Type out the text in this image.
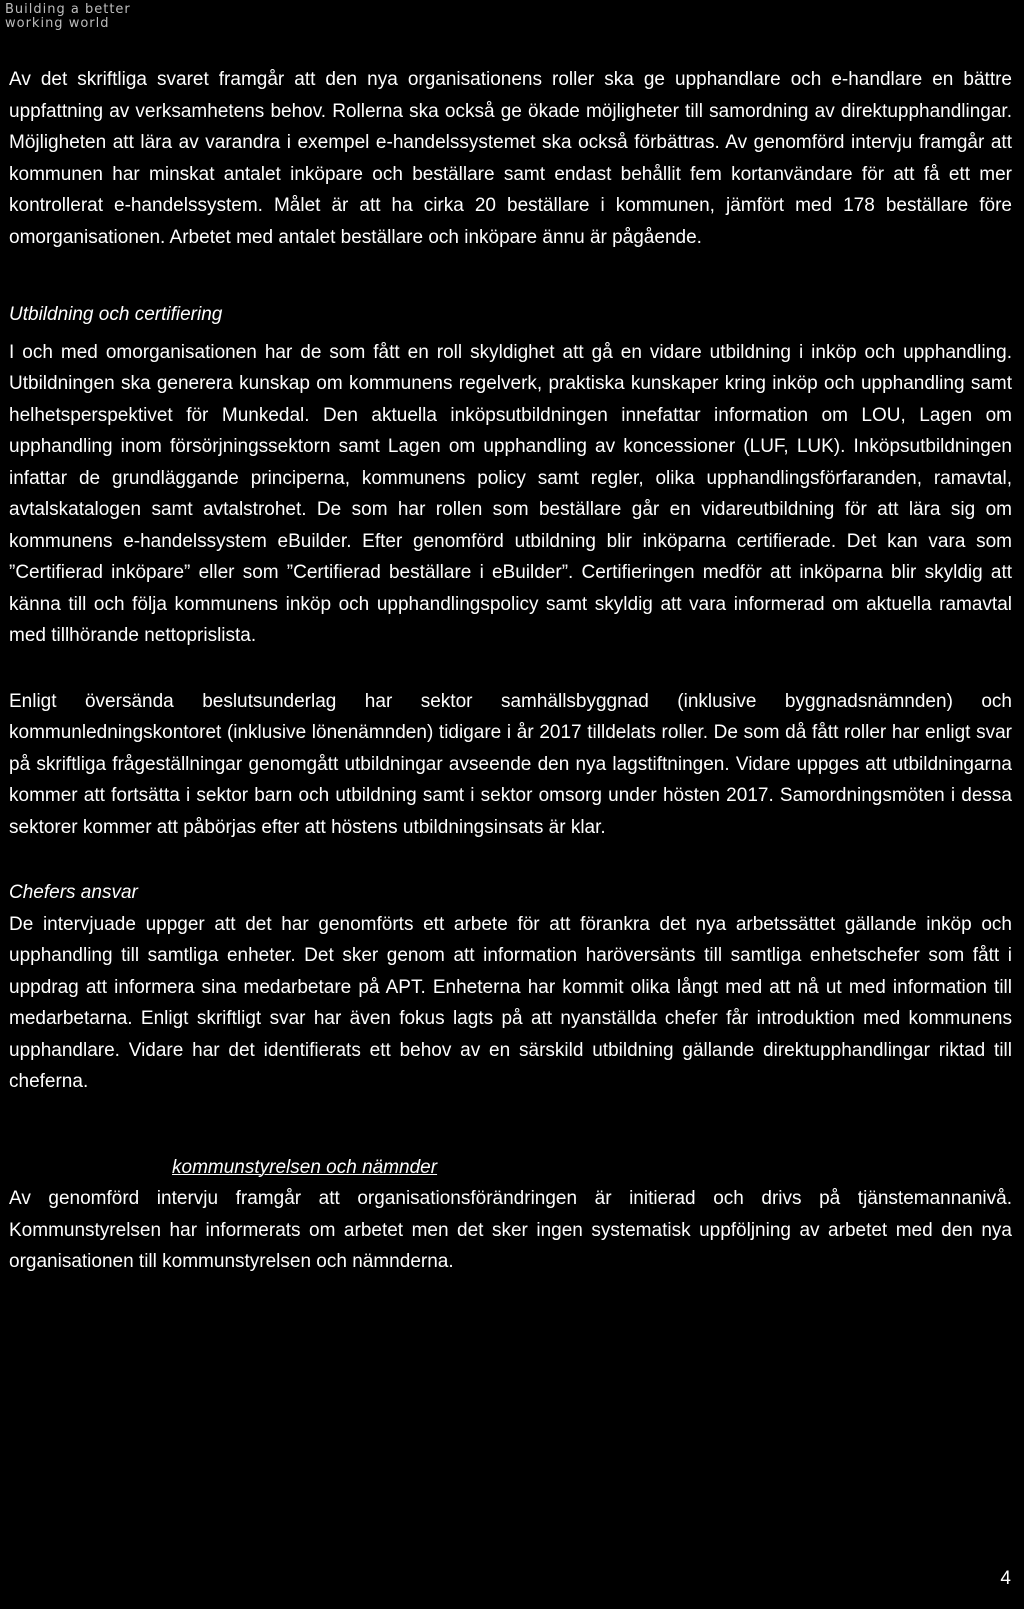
Building a better
working world

Av det skriftliga svaret framgår att den nya organisationens roller ska ge upphandlare och e-handlare en bättre uppfattning av verksamhetens behov. Rollerna ska också ge ökade möjligheter till samordning av direktupphandlingar. Möjligheten att lära av varandra i exempel e-handelssystemet ska också förbättras. Av genomförd intervju framgår att kommunen har minskat antalet inköpare och beställare samt endast behållit fem kortanvändare för att få ett mer kontrollerat e-handelssystem. Målet är att ha cirka 20 beställare i kommunen, jämfört med 178 beställare före omorganisationen. Arbetet med antalet beställare och inköpare ännu är pågående.

Utbildning och certifiering

I och med omorganisationen har de som fått en roll skyldighet att gå en vidare utbildning i inköp och upphandling. Utbildningen ska generera kunskap om kommunens regelverk, praktiska kunskaper kring inköp och upphandling samt helhetsperspektivet för Munkedal. Den aktuella inköpsutbildningen innefattar information om LOU, Lagen om upphandling inom försörjningssektorn samt Lagen om upphandling av koncessioner (LUF, LUK). Inköpsutbildningen infattar de grundläggande principerna, kommunens policy samt regler, olika upphandlingsförfaranden, ramavtal, avtalskatalogen samt avtalstrohet. De som har rollen som beställare går en vidareutbildning för att lära sig om kommunens e-handelssystem eBuilder. Efter genomförd utbildning blir inköparna certifierade. Det kan vara som ”Certifierad inköpare” eller som ”Certifierad beställare i eBuilder”. Certifieringen medför att inköparna blir skyldig att känna till och följa kommunens inköp och upphandlingspolicy samt skyldig att vara informerad om aktuella ramavtal med tillhörande nettoprislista.

Enligt översända beslutsunderlag har sektor samhällsbyggnad (inklusive byggnadsnämnden) och kommunledningskontoret (inklusive lönenämnden) tidigare i år 2017 tilldelats roller. De som då fått roller har enligt svar på skriftliga frågeställningar genomgått utbildningar avseende den nya lagstiftningen. Vidare uppges att utbildningarna kommer att fortsätta i sektor barn och utbildning samt i sektor omsorg under hösten 2017. Samordningsmöten i dessa sektorer kommer att påbörjas efter att höstens utbildningsinsats är klar.

Chefers ansvar

De intervjuade uppger att det har genomförts ett arbete för att förankra det nya arbetssättet gällande inköp och upphandling till samtliga enheter. Det sker genom att information haröversänts till samtliga enhetschefer som fått i uppdrag att informera sina medarbetare på APT. Enheterna har kommit olika långt med att nå ut med information till medarbetarna. Enligt skriftligt svar har även fokus lagts på att nyanställda chefer får introduktion med kommunens upphandlare. Vidare har det identifierats ett behov av en särskild utbildning gällande direktupphandlingar riktad till cheferna.

kommunstyrelsen och nämnder

Av genomförd intervju framgår att organisationsförändringen är initierad och drivs på tjänstemannanivå. Kommunstyrelsen har informerats om arbetet men det sker ingen systematisk uppföljning av arbetet med den nya organisationen till kommunstyrelsen och nämnderna.

4
